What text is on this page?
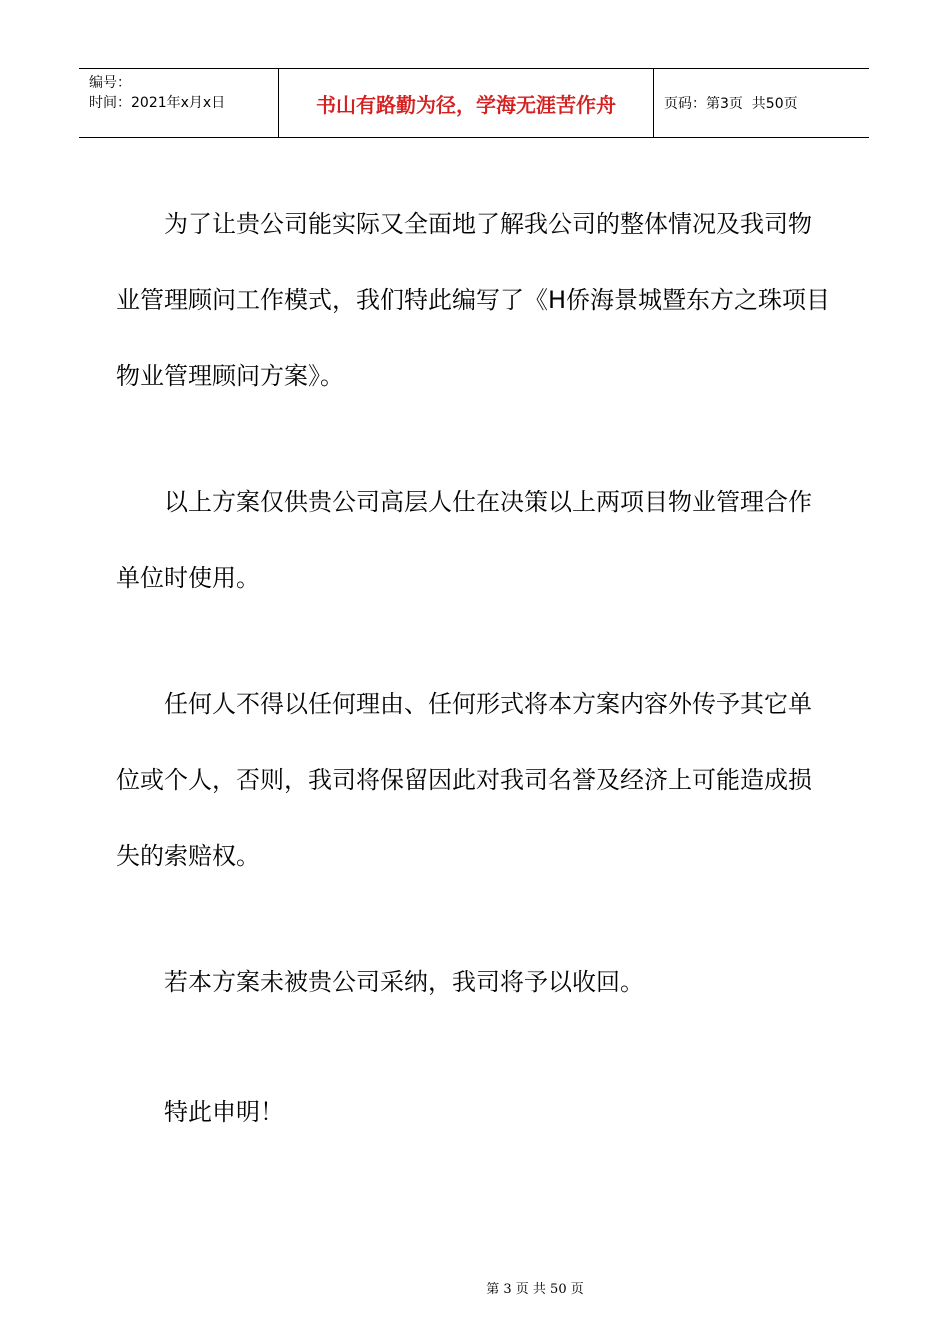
编号：
时间：2021年x月x日	书山有路勤为径，学海无涯苦作舟	页码：第3页  共50页

为了让贵公司能实际又全面地了解我公司的整体情况及我司物业管理顾问工作模式，我们特此编写了《H侨海景城暨东方之珠项目物业管理顾问方案》。

以上方案仅供贵公司高层人仕在决策以上两项目物业管理合作单位时使用。

任何人不得以任何理由、任何形式将本方案内容外传予其它单位或个人，否则，我司将保留因此对我司名誉及经济上可能造成损失的索赔权。

若本方案未被贵公司采纳，我司将予以收回。

特此申明！

第 3 页 共 50 页
